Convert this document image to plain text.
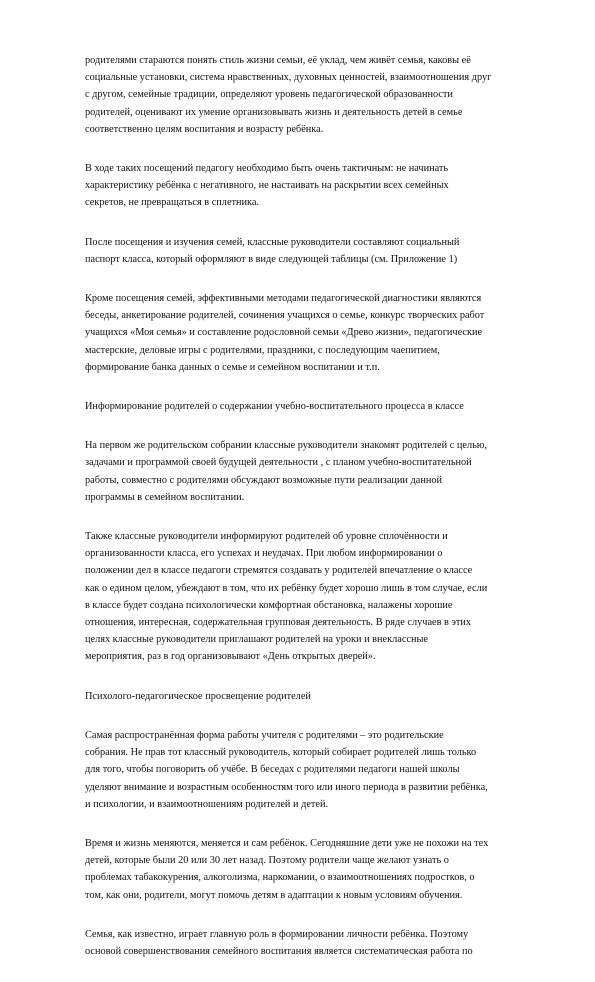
родителями стараются понять стиль жизни семьи, её уклад, чем живёт семья, каковы её
социальные установки, система нравственных, духовных ценностей, взаимоотношения друг
с другом, семейные традиции, определяют уровень педагогической образованности
родителей, оценивают их умение организовывать жизнь и деятельность детей в семье
соответственно целям воспитания и возрасту ребёнка.

В ходе таких посещений педагогу необходимо быть очень тактичным: не начинать
характеристику ребёнка с негативного, не настаивать на раскрытии всех семейных
секретов, не превращаться в сплетника.

После посещения и изучения семей, классные руководители составляют социальный
паспорт класса, который оформляют в виде следующей таблицы (см. Приложение 1)

Кроме посещения семей, эффективными методами педагогической диагностики являются
беседы, анкетирование родителей, сочинения учащихся о семье, конкурс творческих работ
учащихся «Моя семья» и составление родословной семьи «Древо жизни», педагогические
мастерские, деловые игры с родителями, праздники, с последующим чаепитием,
формирование банка данных о семье и семейном воспитании и т.п.

Информирование родителей о содержании учебно-воспитательного процесса в классе

На первом же родительском собрании классные руководители знакомят родителей с целью,
задачами и программой своей будущей деятельности , с планом учебно-воспитательной
работы, совместно с родителями обсуждают возможные пути реализации данной
программы в семейном воспитании.

Также классные руководители информируют родителей об уровне сплочённости и
организованности класса, его успехах и неудачах. При любом информировании о
положении дел в классе педагоги стремятся создавать у родителей впечатление о классе
как о едином целом, убеждают в том, что их ребёнку будет хорошо лишь в том случае, если
в классе будет создана психологически комфортная обстановка, налажены хорошие
отношения, интересная, содержательная групповая деятельность. В ряде случаев в этих
целях классные руководители приглашают родителей на уроки и внеклассные
мероприятия, раз в год организовывают «День открытых дверей».

Психолого-педагогическое просвещение родителей

Самая распространённая форма работы учителя с родителями – это родительские
собрания. Не прав тот классный руководитель, который собирает родителей лишь только
для того, чтобы поговорить об учёбе. В беседах с родителями педагоги нашей школы
уделяют внимание и возрастным особенностям того или иного периода в развитии ребёнка,
и психологии, и взаимоотношениям родителей и детей.

Время и жизнь меняются, меняется и сам ребёнок. Сегодняшние дети уже не похожи на тех
детей, которые были 20 или 30 лет назад. Поэтому родители чаще желают узнать о
проблемах табакокурения, алкоголизма, наркомании, о взаимоотношениях подростков, о
том, как они, родители, могут помочь детям в адаптации к новым условиям обучения.

Семья, как известно, играет главную роль в формировании личности ребёнка. Поэтому
основой совершенствования семейного воспитания является систематическая работа по
